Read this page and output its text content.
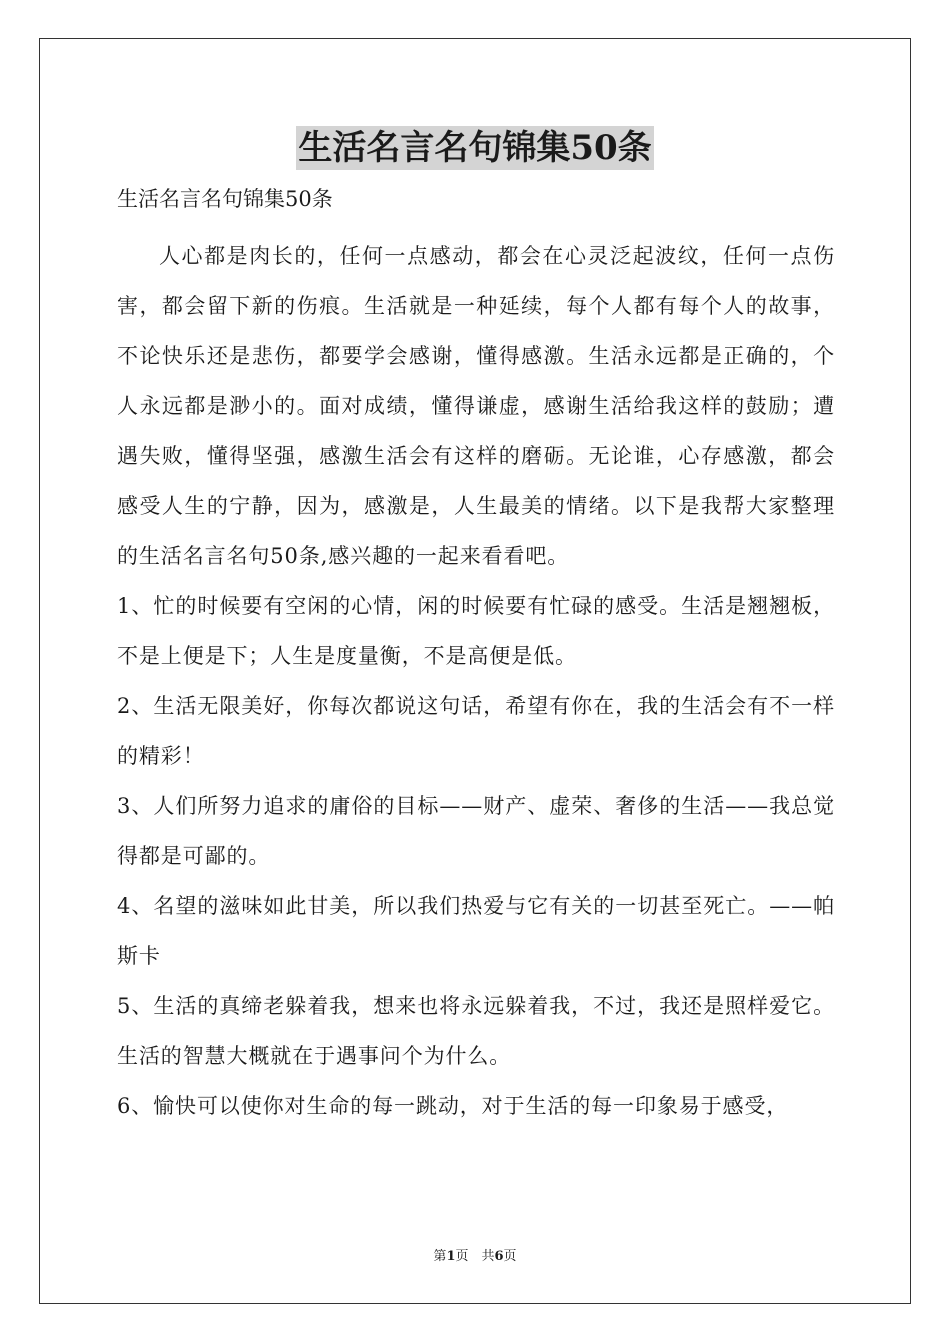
生活名言名句锦集50条
生活名言名句锦集50条

人心都是肉长的，任何一点感动，都会在心灵泛起波纹，任何一点伤害，都会留下新的伤痕。生活就是一种延续，每个人都有每个人的故事，不论快乐还是悲伤，都要学会感谢，懂得感激。生活永远都是正确的，个人永远都是渺小的。面对成绩，懂得谦虚，感谢生活给我这样的鼓励；遭遇失败，懂得坚强，感激生活会有这样的磨砺。无论谁，心存感激，都会感受人生的宁静，因为，感激是，人生最美的情绪。以下是我帮大家整理的生活名言名句50条,感兴趣的一起来看看吧。

1、忙的时候要有空闲的心情，闲的时候要有忙碌的感受。生活是翘翘板，不是上便是下；人生是度量衡，不是高便是低。

2、生活无限美好，你每次都说这句话，希望有你在，我的生活会有不一样的精彩！

3、人们所努力追求的庸俗的目标——财产、虚荣、奢侈的生活——我总觉得都是可鄙的。

4、名望的滋味如此甘美，所以我们热爱与它有关的一切甚至死亡。——帕斯卡

5、生活的真缔老躲着我，想来也将永远躲着我，不过，我还是照样爱它。生活的智慧大概就在于遇事问个为什么。

6、愉快可以使你对生命的每一跳动，对于生活的每一印象易于感受，

第1页　共6页
